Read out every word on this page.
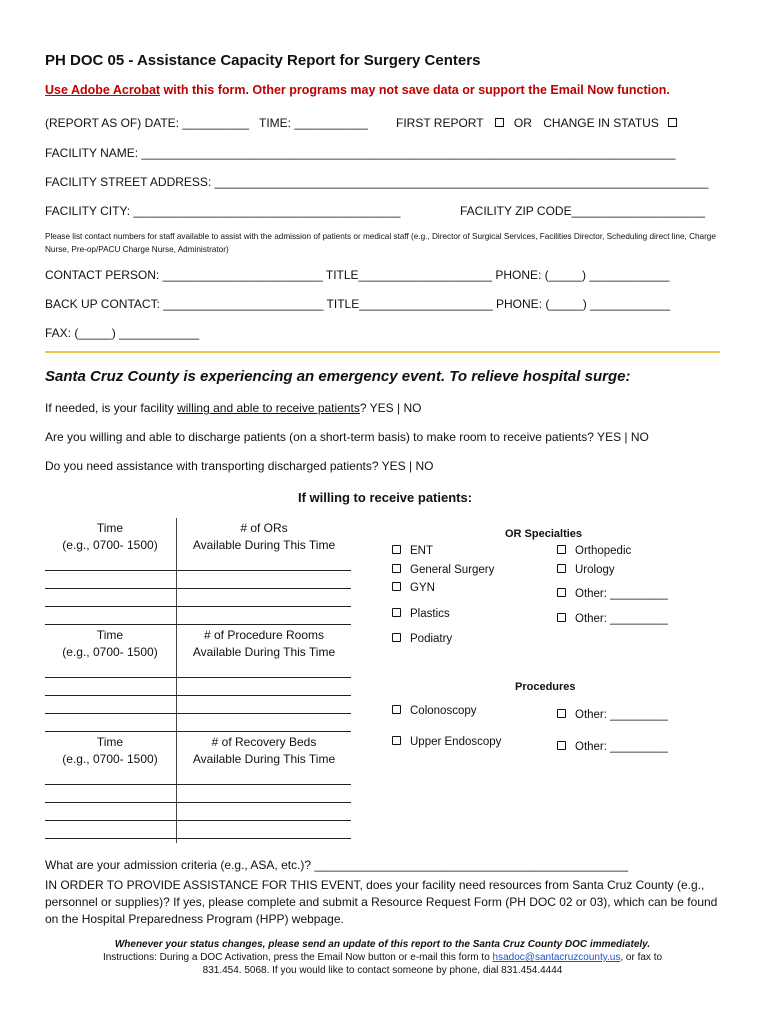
PH DOC 05 - Assistance Capacity Report for Surgery Centers
Use Adobe Acrobat with this form. Other programs may not save data or support the Email Now function.
(REPORT AS OF) DATE: __________ TIME: ___________ FIRST REPORT	OR CHANGE IN STATUS
FACILITY NAME: ________________________________________________________________________________
FACILITY STREET ADDRESS: __________________________________________________________________________
FACILITY CITY: ________________________________________	FACILITY ZIP CODE____________________
Please list contact numbers for staff available to assist with the admission of patients or medical staff (e.g., Director of Surgical Services, Facilities Director, Scheduling direct line, Charge Nurse, Pre-op/PACU Charge Nurse, Administrator)
CONTACT PERSON: ________________________ TITLE____________________ PHONE: (_____) ____________
BACK UP CONTACT: ________________________ TITLE____________________ PHONE: (_____) ____________
FAX: (_____) ____________
Santa Cruz County is experiencing an emergency event. To relieve hospital surge:
If needed, is your facility willing and able to receive patients? YES | NO
Are you willing and able to discharge patients (on a short-term basis) to make room to receive patients? YES | NO
Do you need assistance with transporting discharged patients? YES | NO
If willing to receive patients:
Time
(e.g., 0700- 1500)
# of ORs
Available During This Time
Time
(e.g., 0700- 1500)
# of Procedure Rooms
Available During This Time
Time
(e.g., 0700- 1500)
# of Recovery Beds
Available During This Time
OR Specialties
ENT
General Surgery
GYN
Plastics
Podiatry
Orthopedic
Urology
Other: _________
Other: _________
Procedures
Colonoscopy
Upper Endoscopy
Other: _________
Other: _________
What are your admission criteria (e.g., ASA, etc.)? _______________________________________________
IN ORDER TO PROVIDE ASSISTANCE FOR THIS EVENT, does your facility need resources from Santa Cruz County (e.g., personnel or supplies)? If yes, please complete and submit a Resource Request Form (PH DOC 02 or 03), which can be found on the Hospital Preparedness Program (HPP) webpage.
Whenever your status changes, please send an update of this report to the Santa Cruz County DOC immediately.
Instructions: During a DOC Activation, press the Email Now button or e-mail this form to hsadoc@santacruzcounty.us, or fax to
831.454. 5068. If you would like to contact someone by phone, dial 831.454.4444
